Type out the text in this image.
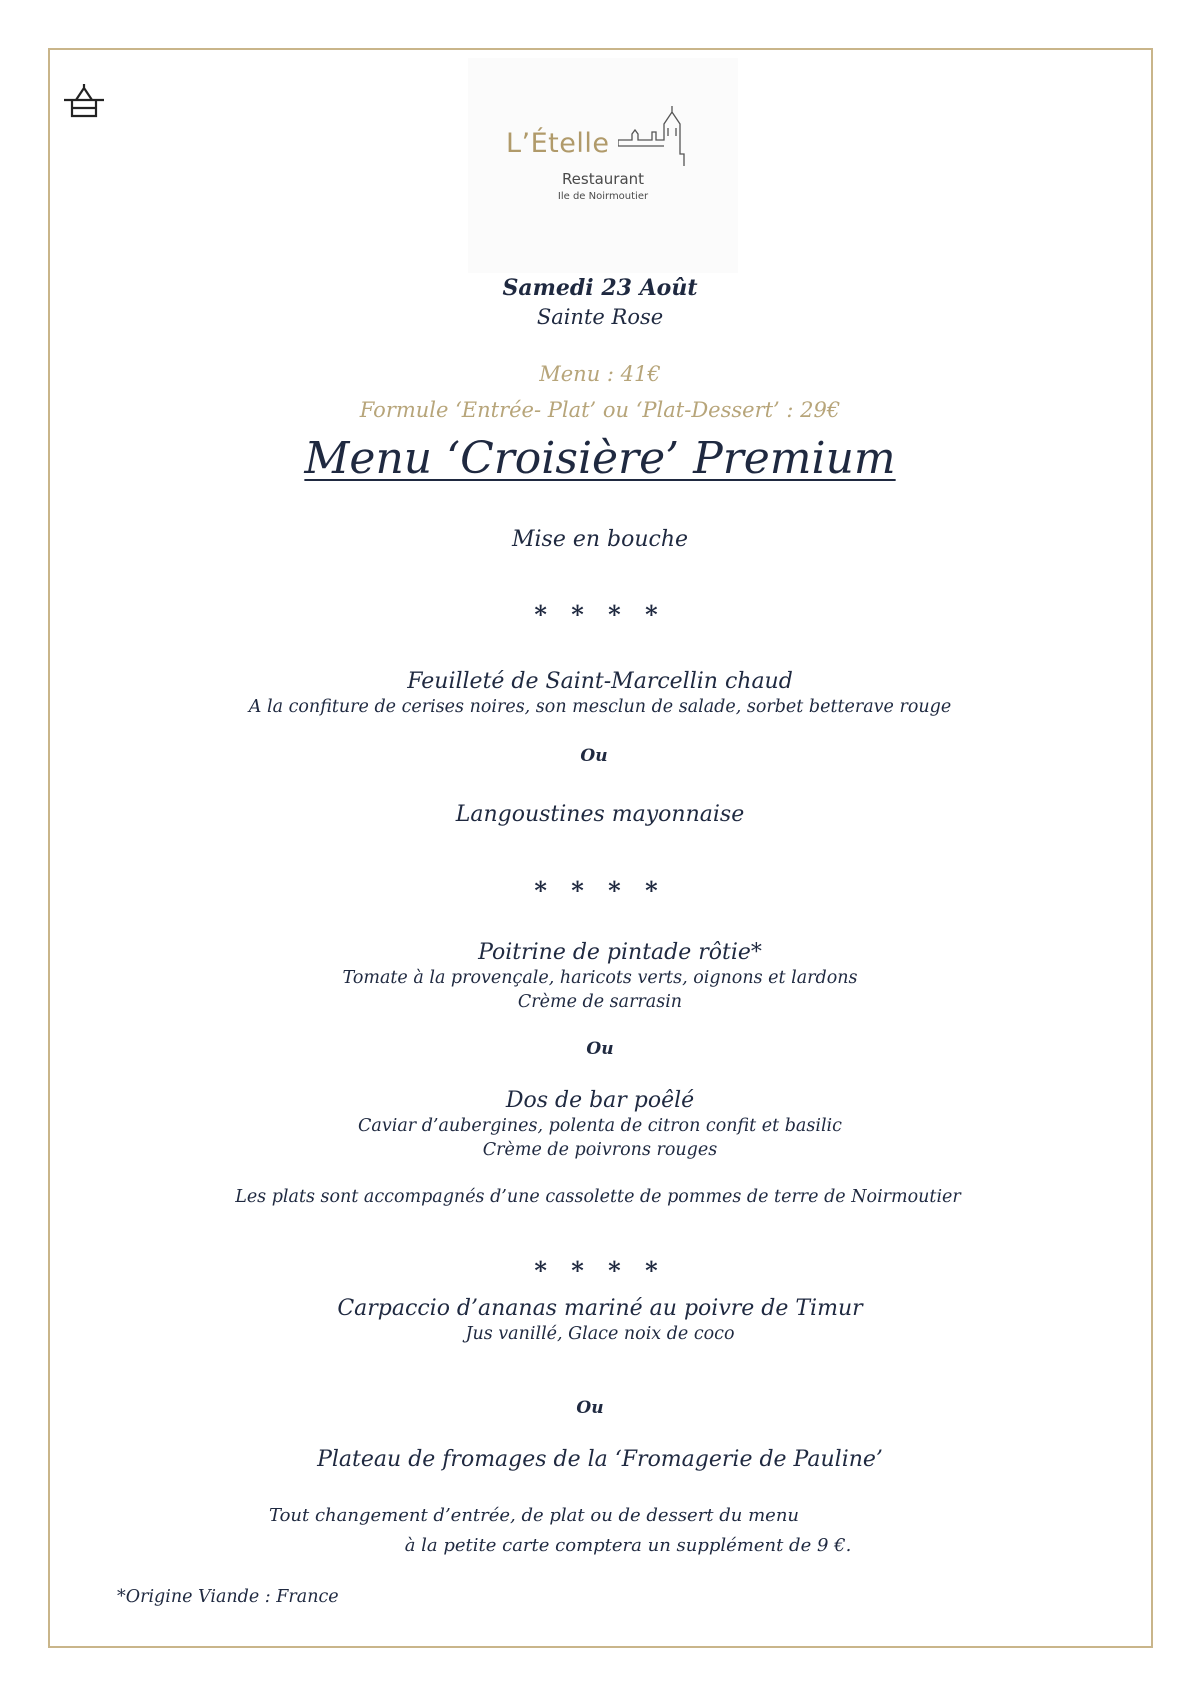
L’Ételle
Restaurant
Ile de Noirmoutier
Samedi 23 Août
Sainte Rose
Menu : 41€
Formule ‘Entrée- Plat’ ou ‘Plat-Dessert’ : 29€
Menu ‘Croisière’ Premium
Mise en bouche
* * * *
Feuilleté de Saint-Marcellin chaud
A la confiture de cerises noires, son mesclun de salade, sorbet betterave rouge
Ou
Langoustines mayonnaise
* * * *
Poitrine de pintade rôtie*
Tomate à la provençale, haricots verts, oignons et lardons
Crème de sarrasin
Ou
Dos de bar poêlé
Caviar d’aubergines, polenta de citron confit et basilic
Crème de poivrons rouges
Les plats sont accompagnés d’une cassolette de pommes de terre de Noirmoutier
* * * *
Carpaccio d’ananas mariné au poivre de Timur
Jus vanillé, Glace noix de coco
Ou
Plateau de fromages de la ‘Fromagerie de Pauline’
Tout changement d’entrée, de plat ou de dessert du menu
à la petite carte comptera un supplément de 9 €.
*Origine Viande : France
